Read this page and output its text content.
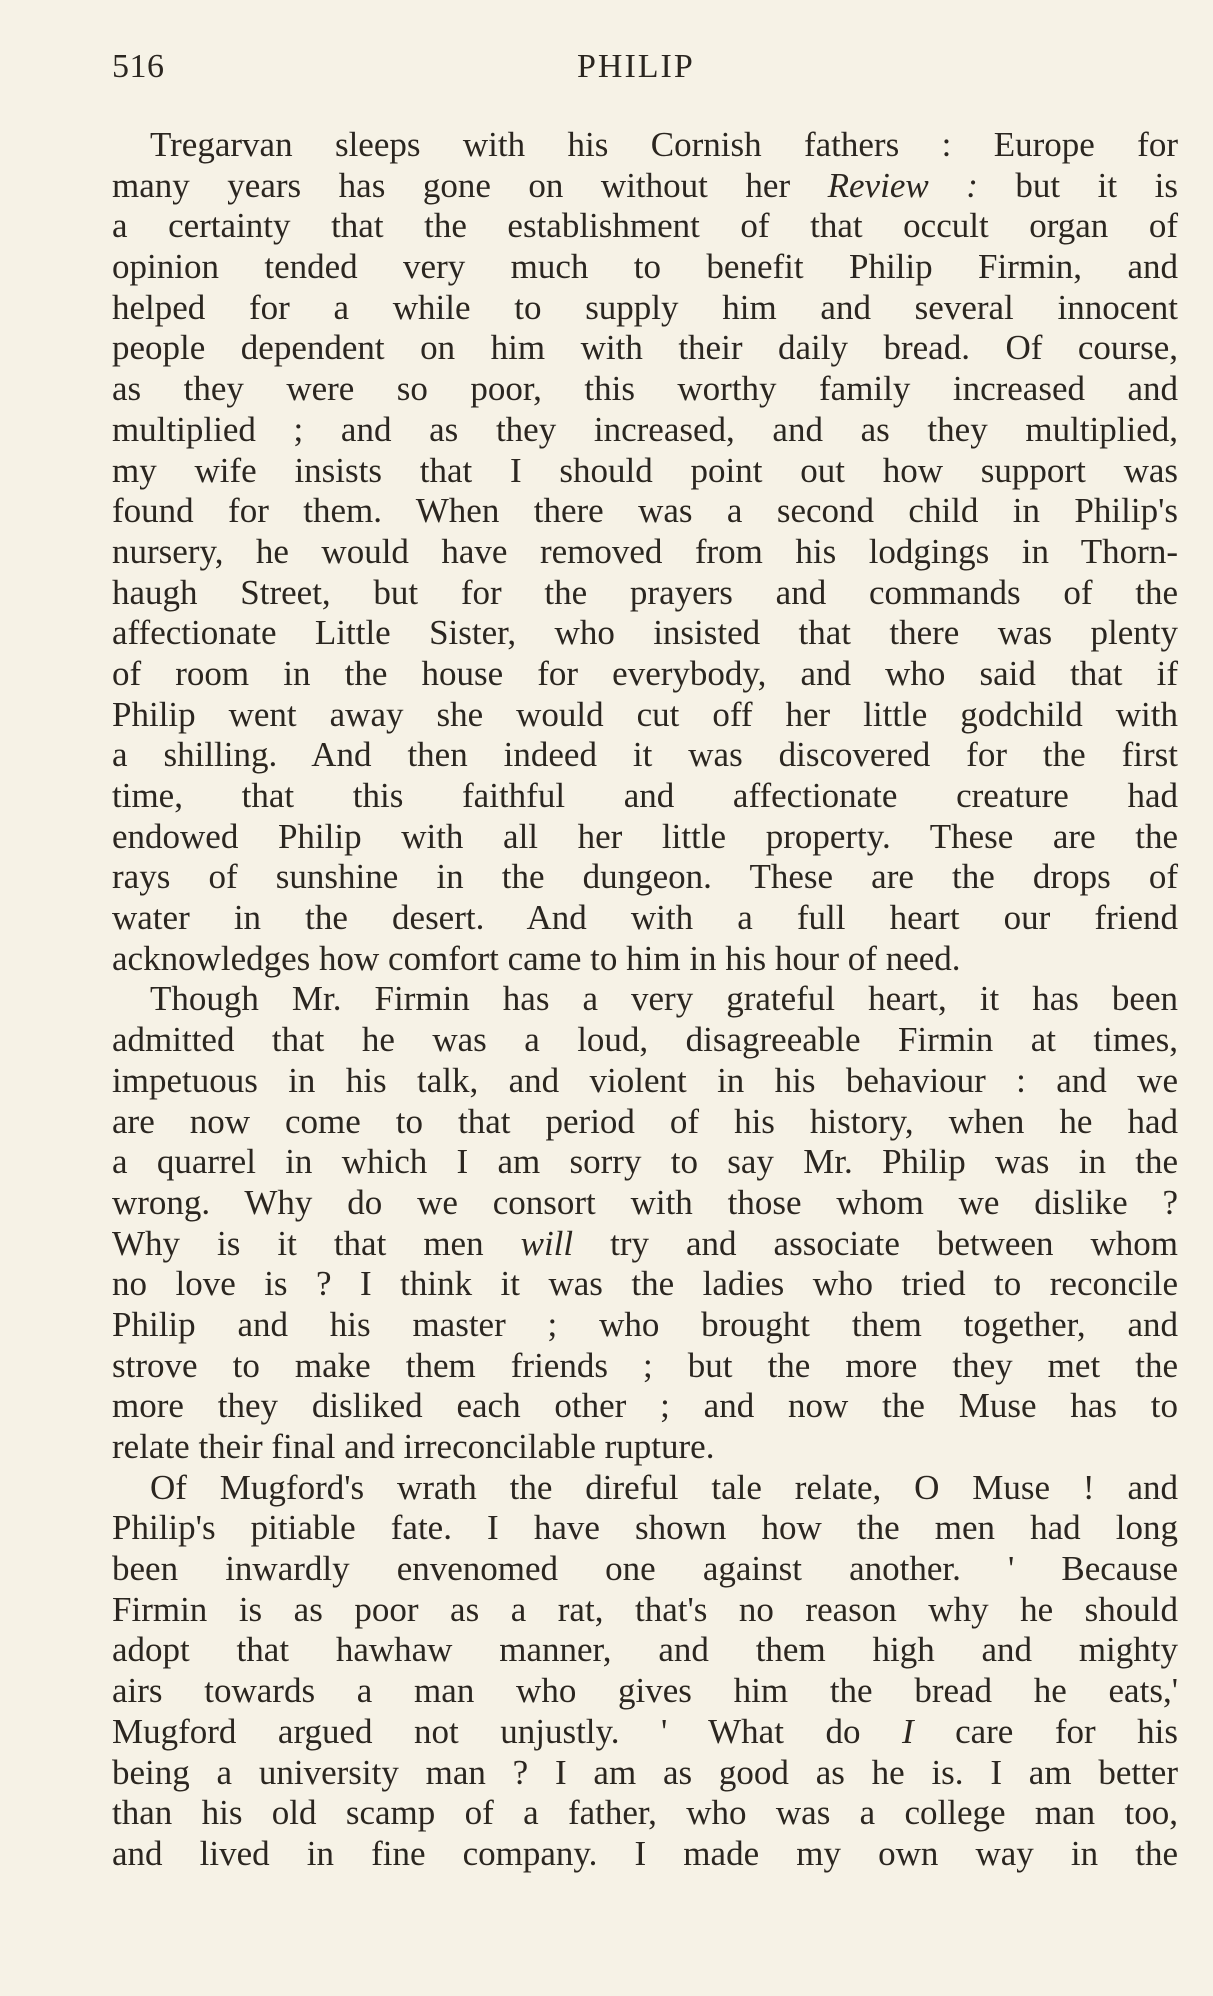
516	PHILIP
Tregarvan sleeps with his Cornish fathers : Europe for
many years has gone on without her Review : but it is
a certainty that the establishment of that occult organ of
opinion tended very much to benefit Philip Firmin, and
helped for a while to supply him and several innocent
people dependent on him with their daily bread. Of course,
as they were so poor, this worthy family increased and
multiplied ; and as they increased, and as they multiplied,
my wife insists that I should point out how support was
found for them. When there was a second child in Philip's
nursery, he would have removed from his lodgings in Thorn-
haugh Street, but for the prayers and commands of the
affectionate Little Sister, who insisted that there was plenty
of room in the house for everybody, and who said that if
Philip went away she would cut off her little godchild with
a shilling. And then indeed it was discovered for the first
time, that this faithful and affectionate creature had
endowed Philip with all her little property. These are the
rays of sunshine in the dungeon. These are the drops of
water in the desert. And with a full heart our friend
acknowledges how comfort came to him in his hour of need.
Though Mr. Firmin has a very grateful heart, it has been
admitted that he was a loud, disagreeable Firmin at times,
impetuous in his talk, and violent in his behaviour : and we
are now come to that period of his history, when he had
a quarrel in which I am sorry to say Mr. Philip was in the
wrong. Why do we consort with those whom we dislike ?
Why is it that men will try and associate between whom
no love is ? I think it was the ladies who tried to reconcile
Philip and his master ; who brought them together, and
strove to make them friends ; but the more they met the
more they disliked each other ; and now the Muse has to
relate their final and irreconcilable rupture.
Of Mugford's wrath the direful tale relate, O Muse ! and
Philip's pitiable fate. I have shown how the men had long
been inwardly envenomed one against another. ' Because
Firmin is as poor as a rat, that's no reason why he should
adopt that hawhaw manner, and them high and mighty
airs towards a man who gives him the bread he eats,'
Mugford argued not unjustly. ' What do I care for his
being a university man ? I am as good as he is. I am better
than his old scamp of a father, who was a college man too,
and lived in fine company. I made my own way in the
